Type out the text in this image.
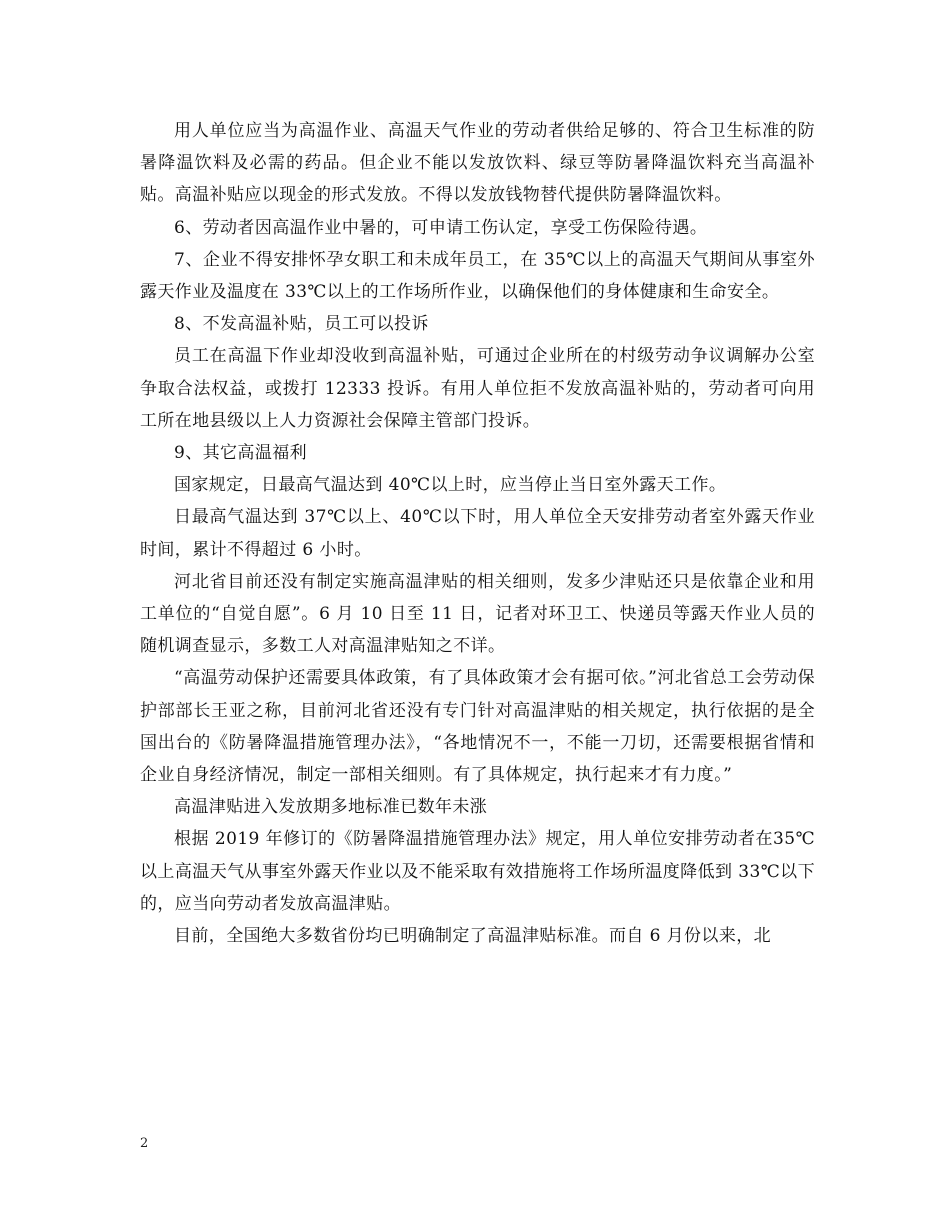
用人单位应当为高温作业、高温天气作业的劳动者供给足够的、符合卫生标准的防暑降温饮料及必需的药品。但企业不能以发放饮料、绿豆等防暑降温饮料充当高温补贴。高温补贴应以现金的形式发放。不得以发放钱物替代提供防暑降温饮料。

6、劳动者因高温作业中暑的，可申请工伤认定，享受工伤保险待遇。

7、企业不得安排怀孕女职工和未成年员工，在 35℃以上的高温天气期间从事室外露天作业及温度在 33℃以上的工作场所作业，以确保他们的身体健康和生命安全。

8、不发高温补贴，员工可以投诉

员工在高温下作业却没收到高温补贴，可通过企业所在的村级劳动争议调解办公室争取合法权益，或拨打 12333 投诉。有用人单位拒不发放高温补贴的，劳动者可向用工所在地县级以上人力资源社会保障主管部门投诉。

9、其它高温福利

国家规定，日最高气温达到 40℃以上时，应当停止当日室外露天工作。

日最高气温达到 37℃以上、40℃以下时，用人单位全天安排劳动者室外露天作业时间，累计不得超过 6 小时。

河北省目前还没有制定实施高温津贴的相关细则，发多少津贴还只是依靠企业和用工单位的“自觉自愿”。6 月 10 日至 11 日，记者对环卫工、快递员等露天作业人员的随机调查显示，多数工人对高温津贴知之不详。

“高温劳动保护还需要具体政策，有了具体政策才会有据可依。”河北省总工会劳动保护部部长王亚之称，目前河北省还没有专门针对高温津贴的相关规定，执行依据的是全国出台的《防暑降温措施管理办法》，“各地情况不一，不能一刀切，还需要根据省情和企业自身经济情况，制定一部相关细则。有了具体规定，执行起来才有力度。”

高温津贴进入发放期多地标准已数年未涨

根据 2019 年修订的《防暑降温措施管理办法》规定，用人单位安排劳动者在35℃以上高温天气从事室外露天作业以及不能采取有效措施将工作场所温度降低到 33℃以下的，应当向劳动者发放高温津贴。

目前，全国绝大多数省份均已明确制定了高温津贴标准。而自 6 月份以来，北

2
